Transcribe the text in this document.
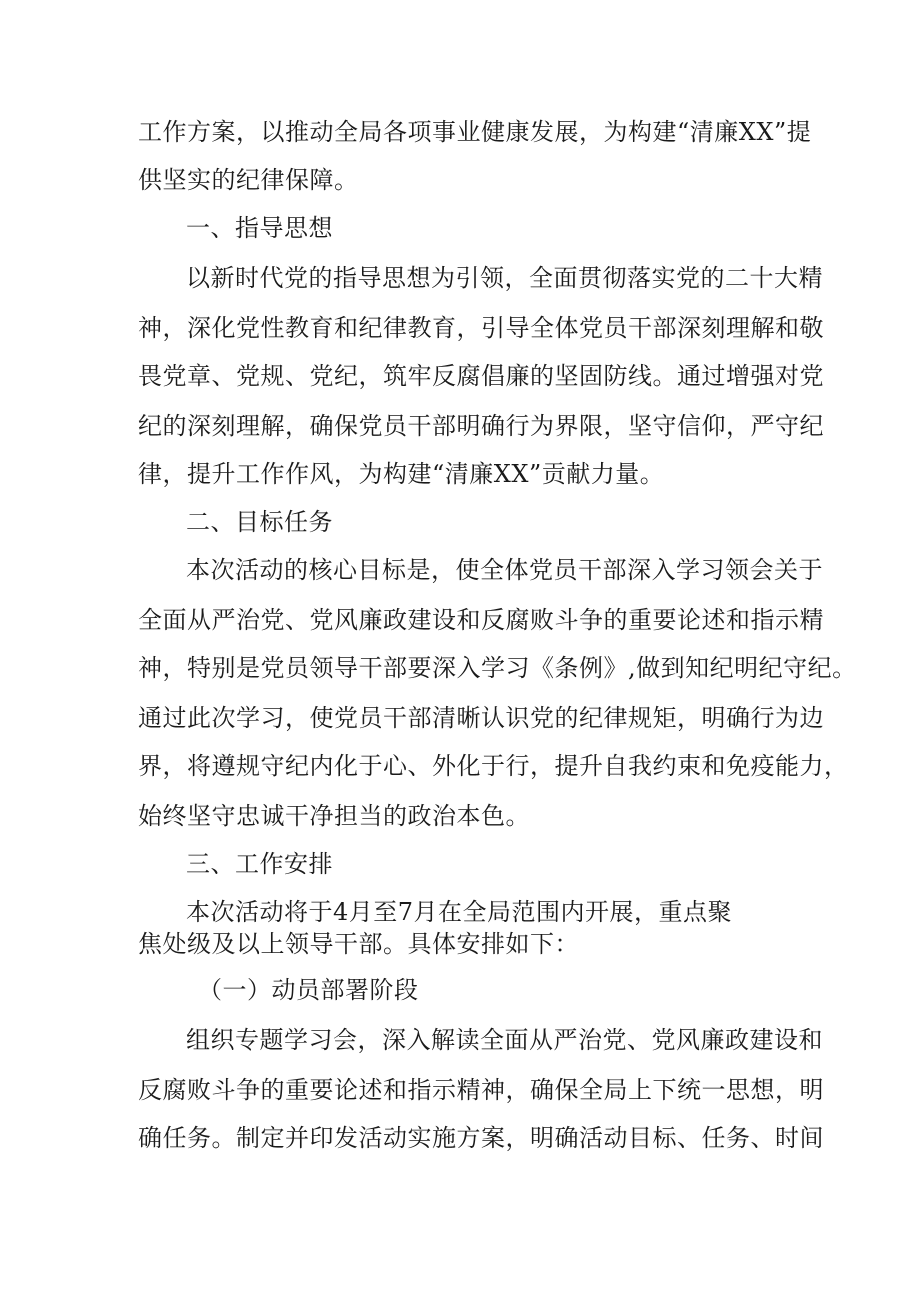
工作方案，以推动全局各项事业健康发展，为构建“清廉XX”提
供坚实的纪律保障。
一、指导思想
以新时代党的指导思想为引领，全面贯彻落实党的二十大精
神，深化党性教育和纪律教育，引导全体党员干部深刻理解和敬
畏党章、党规、党纪，筑牢反腐倡廉的坚固防线。通过增强对党
纪的深刻理解，确保党员干部明确行为界限，坚守信仰，严守纪
律，提升工作作风，为构建“清廉XX”贡献力量。
二、目标任务
本次活动的核心目标是，使全体党员干部深入学习领会关于
全面从严治党、党风廉政建设和反腐败斗争的重要论述和指示精
神，特别是党员领导干部要深入学习《条例》,做到知纪明纪守纪。
通过此次学习，使党员干部清晰认识党的纪律规矩，明确行为边
界，将遵规守纪内化于心、外化于行，提升自我约束和免疫能力，
始终坚守忠诚干净担当的政治本色。
三、工作安排
本次活动将于4月至7月在全局范围内开展，重点聚
焦处级及以上领导干部。具体安排如下：
（一）动员部署阶段
组织专题学习会，深入解读全面从严治党、党风廉政建设和
反腐败斗争的重要论述和指示精神，确保全局上下统一思想，明
确任务。制定并印发活动实施方案，明确活动目标、任务、时间
